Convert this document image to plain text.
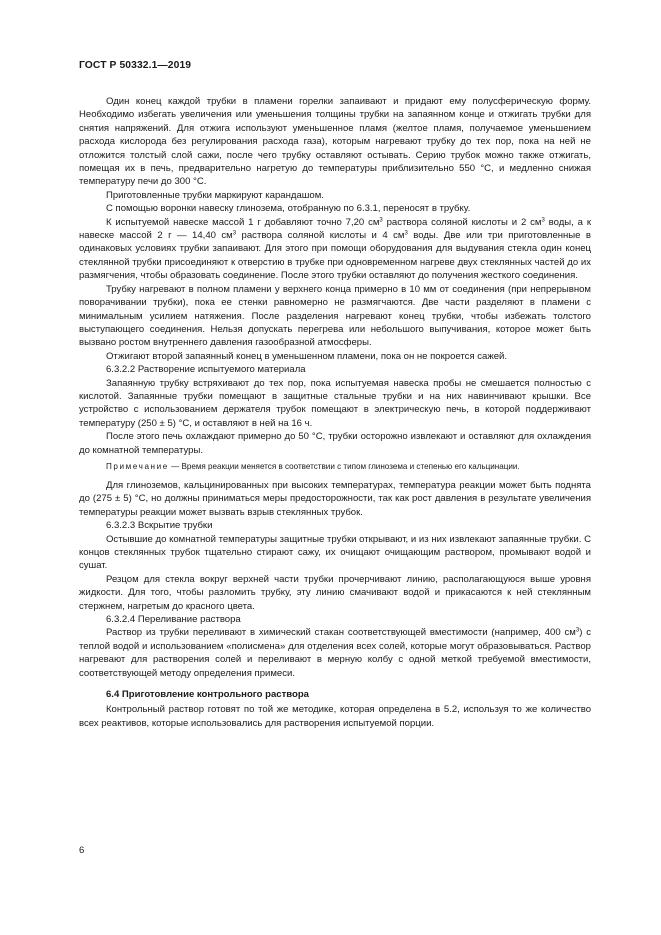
ГОСТ Р 50332.1—2019

Один конец каждой трубки в пламени горелки запаивают и придают ему полусферическую форму. Необходимо избегать увеличения или уменьшения толщины трубки на запаянном конце и отжигать трубки для снятия напряжений. Для отжига используют уменьшенное пламя (желтое пламя, получаемое уменьшением расхода кислорода без регулирования расхода газа), которым нагревают трубку до тех пор, пока на ней не отложится толстый слой сажи, после чего трубку оставляют остывать. Серию трубок можно также отжигать, помещая их в печь, предварительно нагретую до температуры приблизительно 550 °С, и медленно снижая температуру печи до 300 °С.

Приготовленные трубки маркируют карандашом.

С помощью воронки навеску глинозема, отобранную по 6.3.1, переносят в трубку.

К испытуемой навеске массой 1 г добавляют точно 7,20 $см^3$ раствора соляной кислоты и 2 $см^3$ воды, а к навеске массой 2 г — 14,40 $см^3$ раствора соляной кислоты и 4 $см^3$ воды. Две или три приготовленные в одинаковых условиях трубки запаивают. Для этого при помощи оборудования для выдувания стекла один конец стеклянной трубки присоединяют к отверстию в трубке при одновременном нагреве двух стеклянных частей до их размягчения, чтобы образовать соединение. После этого трубки оставляют до получения жесткого соединения.

Трубку нагревают в полном пламени у верхнего конца примерно в 10 мм от соединения (при непрерывном поворачивании трубки), пока ее стенки равномерно не размягчаются. Две части разделяют в пламени с минимальным усилием натяжения. После разделения нагревают конец трубки, чтобы избежать толстого выступающего соединения. Нельзя допускать перегрева или небольшого выпучивания, которое может быть вызвано ростом внутреннего давления газообразной атмосферы.

Отжигают второй запаянный конец в уменьшенном пламени, пока он не покроется сажей.

6.3.2.2 Растворение испытуемого материала

Запаянную трубку встряхивают до тех пор, пока испытуемая навеска пробы не смешается полностью с кислотой. Запаянные трубки помещают в защитные стальные трубки и на них навинчивают крышки. Все устройство с использованием держателя трубок помещают в электрическую печь, в которой поддерживают температуру (250 ± 5) °С, и оставляют в ней на 16 ч.

После этого печь охлаждают примерно до 50 °С, трубки осторожно извлекают и оставляют для охлаждения до комнатной температуры.

Примечание — Время реакции меняется в соответствии с типом глинозема и степенью его кальцинации.

Для глиноземов, кальцинированных при высоких температурах, температура реакции может быть поднята до (275 ± 5) °С, но должны приниматься меры предосторожности, так как рост давления в результате увеличения температуры реакции может вызвать взрыв стеклянных трубок.

6.3.2.3 Вскрытие трубки

Остывшие до комнатной температуры защитные трубки открывают, и из них извлекают запаянные трубки. С концов стеклянных трубок тщательно стирают сажу, их очищают очищающим раствором, промывают водой и сушат.

Резцом для стекла вокруг верхней части трубки прочерчивают линию, располагающуюся выше уровня жидкости. Для того, чтобы разломить трубку, эту линию смачивают водой и прикасаются к ней стеклянным стержнем, нагретым до красного цвета.

6.3.2.4 Переливание раствора

Раствор из трубки переливают в химический стакан соответствующей вместимости (например, 400 $см^3$) с теплой водой и использованием «полисмена» для отделения всех солей, которые могут образовываться. Раствор нагревают для растворения солей и переливают в мерную колбу с одной меткой требуемой вместимости, соответствующей методу определения примеси.

6.4 Приготовление контрольного раствора

Контрольный раствор готовят по той же методике, которая определена в 5.2, используя то же количество всех реактивов, которые использовались для растворения испытуемой порции.

6
